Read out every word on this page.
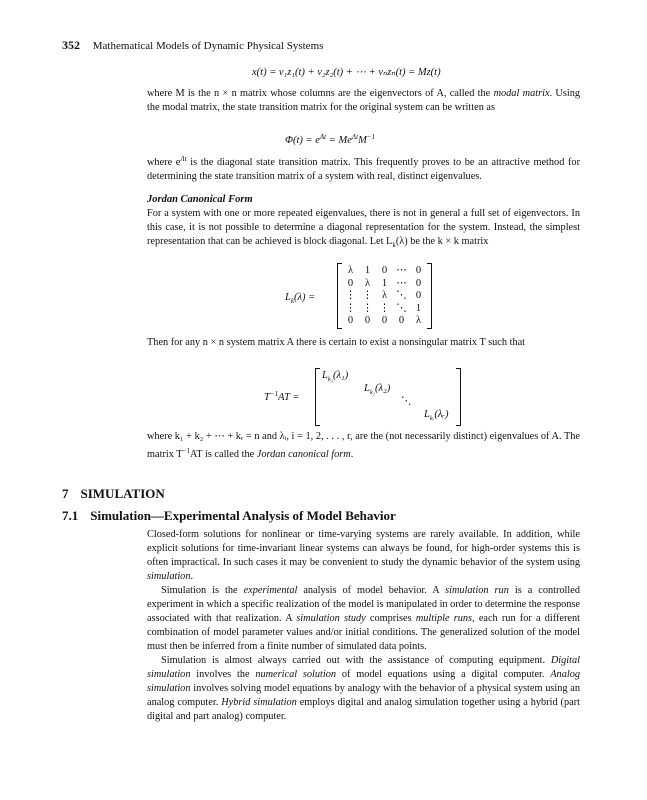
352 Mathematical Models of Dynamic Physical Systems
x(t) = v₁z₁(t) + v₂z₂(t) + ⋯ + vₙzₙ(t) = Mz(t)

where M is the n × n matrix whose columns are the eigenvectors of A, called the modal matrix. Using the modal matrix, the state transition matrix for the original system can be written as

$\Phi(t) = e^{At} = Me^{\Lambda t}M^{-1}$

where $e^{\Lambda t}$ is the diagonal state transition matrix. This frequently proves to be an attractive method for determining the state transition matrix of a system with real, distinct eigenvalues.

Jordan Canonical Form

For a system with one or more repeated eigenvalues, there is not in general a full set of eigenvectors. In this case, it is not possible to determine a diagonal representation for the system. Instead, the simplest representation that can be achieved is block diagonal. Let $L_k(\lambda)$ be the k × k matrix

$L_k(\lambda)$ =
λ	1	0 ⋯ 0
0	λ	1 ⋯ 0
⋮ ⋮ λ ⋱ 0
⋮ ⋮ ⋮ ⋱ 1
0	0	0	0	λ
Then for any n × n system matrix A there is certain to exist a nonsingular matrix T such that
$T^{-1}AT$ =
$L_{k_1}(\lambda_1)$
$L_{k_2}(\lambda_2)$
⋱
$L_{kᵣ}(\lambda ᵣ)$

where k₁ + k₂ + ⋯ + kᵣ = n and λᵢ, i = 1, 2, . . . , r, are the (not necessarily distinct) eigenvalues of A. The matrix $T^{-1}AT$ is called the Jordan canonical form.

7 SIMULATION
7.1 Simulation—Experimental Analysis of Model Behavior

Closed-form solutions for nonlinear or time-varying systems are rarely available. In addition, while explicit solutions for time-invariant linear systems can always be found, for high-order systems this is often impractical. In such cases it may be convenient to study the dynamic behavior of the system using simulation.

Simulation is the experimental analysis of model behavior. A simulation run is a controlled experiment in which a specific realization of the model is manipulated in order to determine the response associated with that realization. A simulation study comprises multiple runs, each run for a different combination of model parameter values and/or initial conditions. The generalized solution of the model must then be inferred from a finite number of simulated data points.

Simulation is almost always carried out with the assistance of computing equipment. Digital simulation involves the numerical solution of model equations using a digital computer. Analog simulation involves solving model equations by analogy with the behavior of a physical system using an analog computer. Hybrid simulation employs digital and analog simulation together using a hybrid (part digital and part analog) computer.
